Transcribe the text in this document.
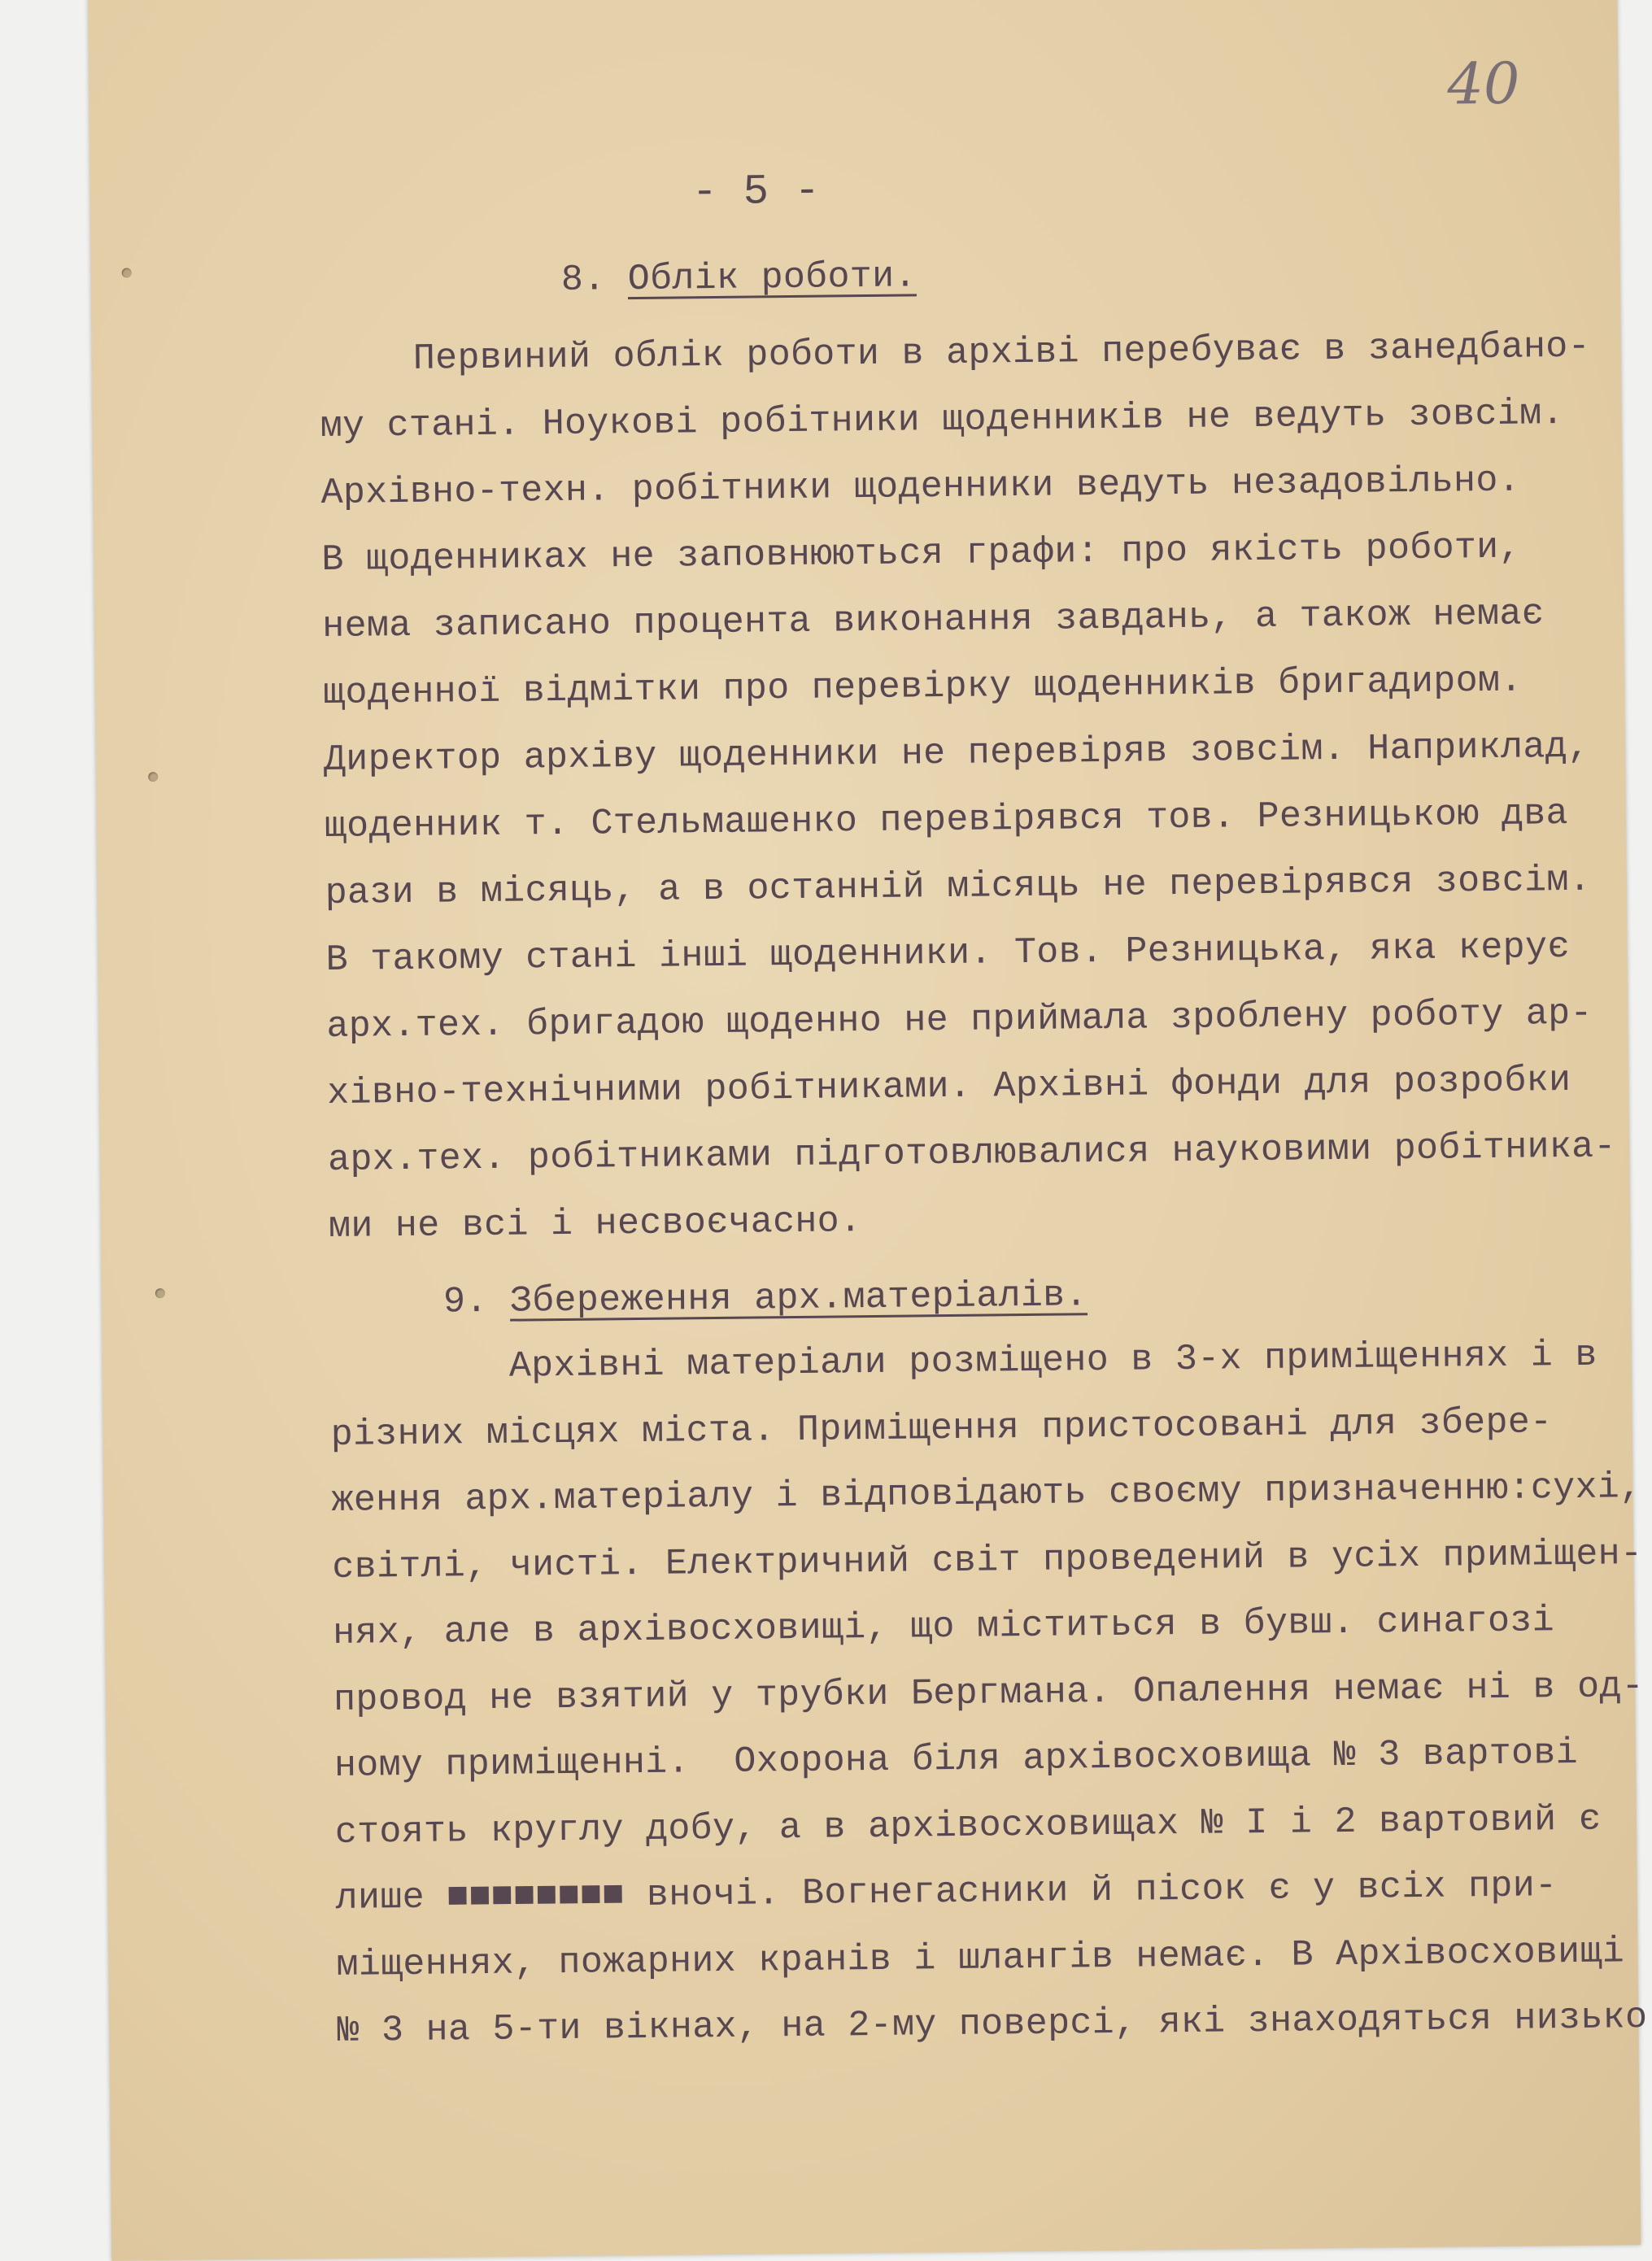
40
- 5 -
8. Облік роботи.
Первиний облік роботи в архіві перебуває в занедбано-
му стані. Ноукові робітники щоденників не ведуть зовсім.
Архівно-техн. робітники щоденники ведуть незадовільно.
В щоденниках не заповнюються графи: про якість роботи,
нема записано процента виконання завдань, а також немає
щоденної відмітки про перевірку щоденників бригадиром.
Директор архіву щоденники не перевіряв зовсім. Наприклад,
щоденник т. Стельмашенко перевірявся тов. Резницькою два
рази в місяць, а в останній місяць не перевірявся зовсім.
В такому стані інші щоденники. Тов. Резницька, яка керує
арх.тех. бригадою щоденно не приймала зроблену роботу ар-
хівно-технічними робітниками. Архівні фонди для розробки
арх.тех. робітниками підготовлювалися науковими робітника-
ми не всі і несвоєчасно.
9. Збереження арх.матеріалів.
Архівні матеріали розміщено в 3-х приміщеннях і в
різних місцях міста. Приміщення пристосовані для збере-
ження арх.матеріалу і відповідають своєму призначенню:сухі,
світлі, чисті. Електричний світ проведений в усіх приміщен-
нях, але в архівосховищі, що міститься в бувш. синагозі
провод не взятий у трубки Бергмана. Опалення немає ні в од-
ному приміщенні.  Охорона біля архівосховища № 3 вартові
стоять круглу добу, а в архівосховищах № І і 2 вартовий є
лише ■■■■■■■■ вночі. Вогнегасники й пісок є у всіх при-
міщеннях, пожарних кранів і шлангів немає. В Архівосховищі
№ 3 на 5-ти вікнах, на 2-му поверсі, які знаходяться низько
